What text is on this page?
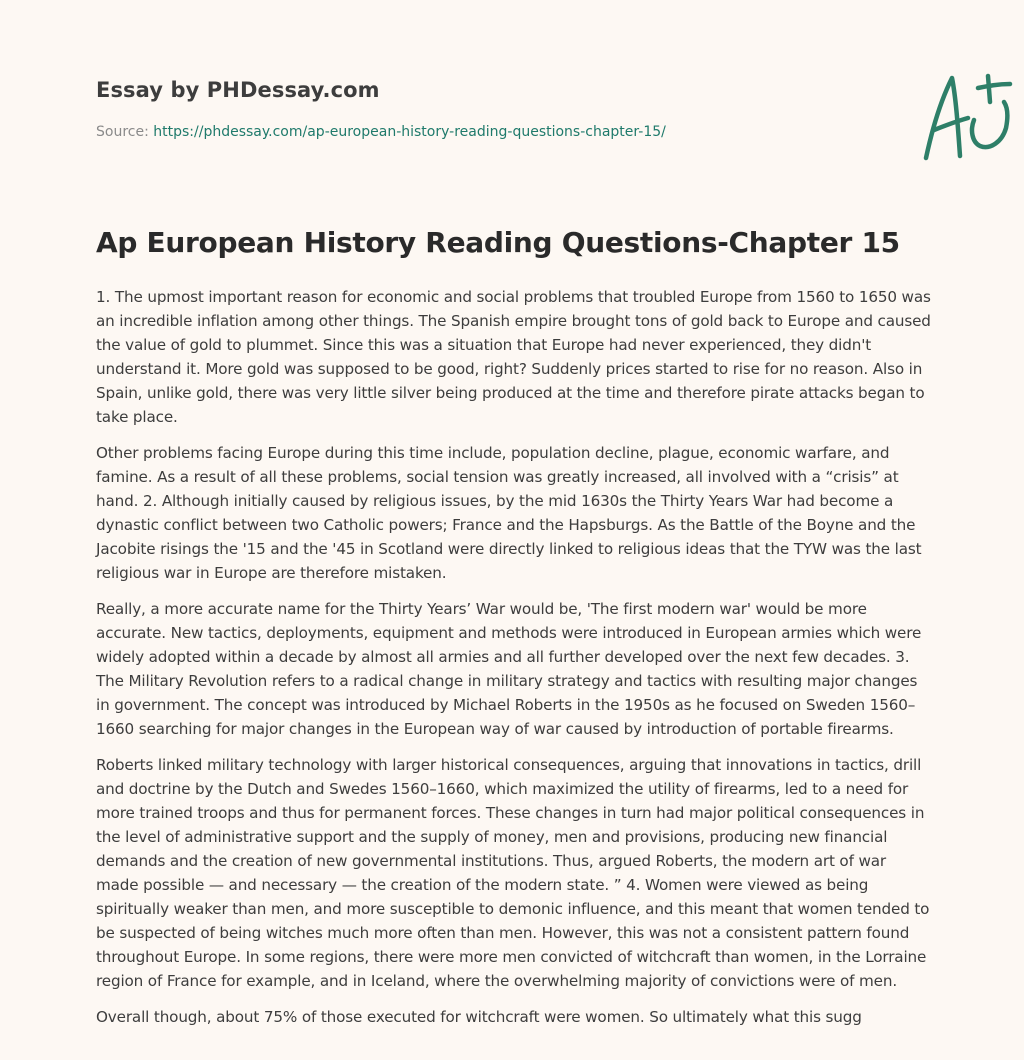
Essay by PHDessay.com
Source: https://phdessay.com/ap-european-history-reading-questions-chapter-15/
Ap European History Reading Questions-Chapter 15

1. The upmost important reason for economic and social problems that troubled Europe from 1560 to 1650 was an incredible inflation among other things. The Spanish empire brought tons of gold back to Europe and caused the value of gold to plummet. Since this was a situation that Europe had never experienced, they didn't understand it. More gold was supposed to be good, right? Suddenly prices started to rise for no reason. Also in Spain, unlike gold, there was very little silver being produced at the time and therefore pirate attacks began to take place.

Other problems facing Europe during this time include, population decline, plague, economic warfare, and famine. As a result of all these problems, social tension was greatly increased, all involved with a “crisis” at hand. 2. Although initially caused by religious issues, by the mid 1630s the Thirty Years War had become a dynastic conflict between two Catholic powers; France and the Hapsburgs. As the Battle of the Boyne and the Jacobite risings the '15 and the '45 in Scotland were directly linked to religious ideas that the TYW was the last religious war in Europe are therefore mistaken.

Really, a more accurate name for the Thirty Years’ War would be, 'The first modern war' would be more accurate. New tactics, deployments, equipment and methods were introduced in European armies which were widely adopted within a decade by almost all armies and all further developed over the next few decades. 3. The Military Revolution refers to a radical change in military strategy and tactics with resulting major changes in government. The concept was introduced by Michael Roberts in the 1950s as he focused on Sweden 1560–1660 searching for major changes in the European way of war caused by introduction of portable firearms.

Roberts linked military technology with larger historical consequences, arguing that innovations in tactics, drill and doctrine by the Dutch and Swedes 1560–1660, which maximized the utility of firearms, led to a need for more trained troops and thus for permanent forces. These changes in turn had major political consequences in the level of administrative support and the supply of money, men and provisions, producing new financial demands and the creation of new governmental institutions. Thus, argued Roberts, the modern art of war made possible — and necessary — the creation of the modern state. ” 4. Women were viewed as being spiritually weaker than men, and more susceptible to demonic influence, and this meant that women tended to be suspected of being witches much more often than men. However, this was not a consistent pattern found throughout Europe. In some regions, there were more men convicted of witchcraft than women, in the Lorraine region of France for example, and in Iceland, where the overwhelming majority of convictions were of men.

Overall though, about 75% of those executed for witchcraft were women. So ultimately what this sugg
